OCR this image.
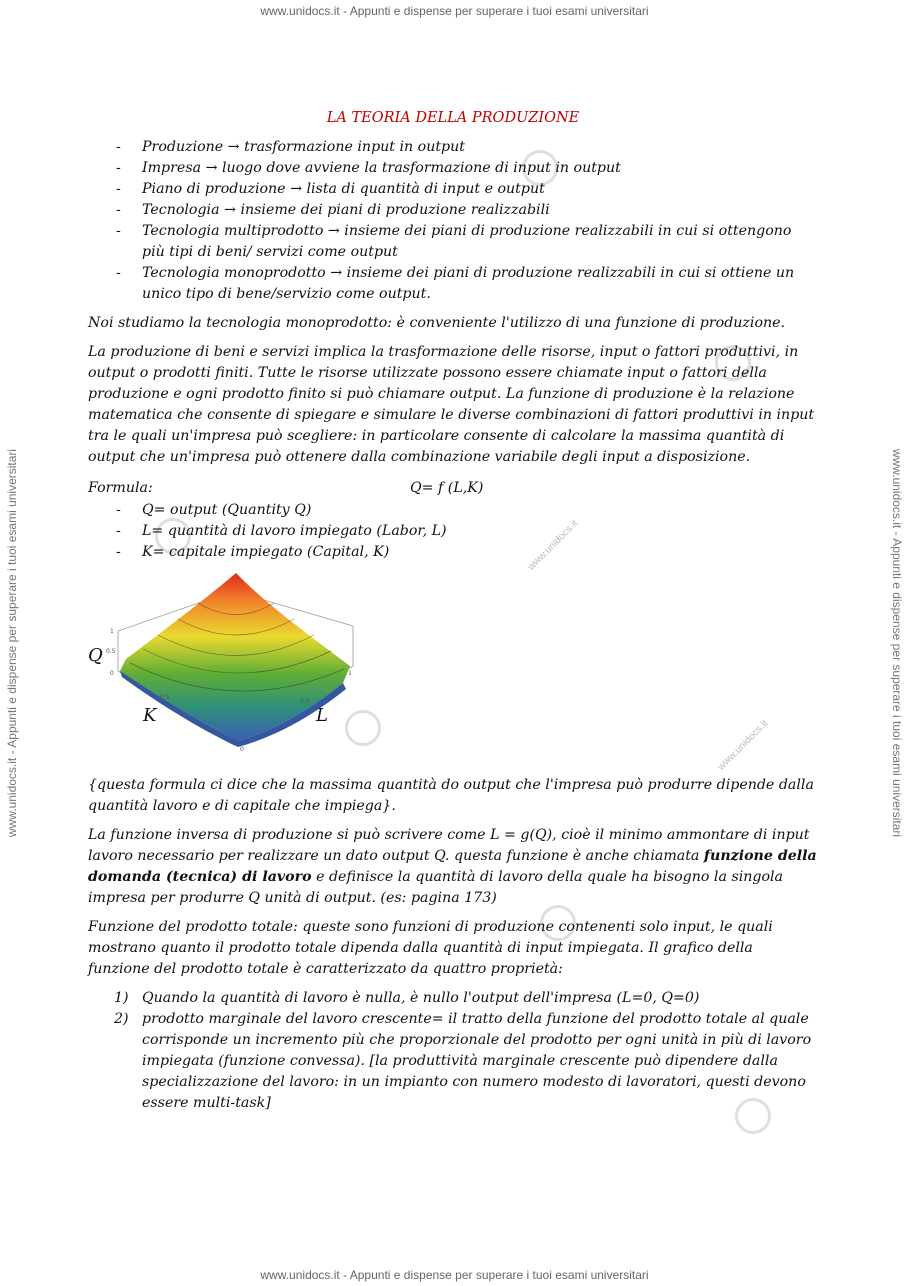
www.unidocs.it - Appunti e dispense per superare i tuoi esami universitari
www.unidocs.it - Appunti e dispense per superare i tuoi esami universitari
www.unidocs.it - Appunti e dispense per superare i tuoi esami universitari	www.unidocs.it - Appunti e dispense per superare i tuoi esami universitari
www.unidocs.it
www.unidocs.it
LA TEORIA DELLA PRODUZIONE
- Produzione → trasformazione input in output
- Impresa → luogo dove avviene la trasformazione di input in output
- Piano di produzione → lista di quantità di input e output
- Tecnologia → insieme dei piani di produzione realizzabili
- Tecnologia multiprodotto → insieme dei piani di produzione realizzabili in cui si ottengono più tipi di beni/ servizi come output
- Tecnologia monoprodotto → insieme dei piani di produzione realizzabili in cui si ottiene un unico tipo di bene/servizio come output.

Noi studiamo la tecnologia monoprodotto: è conveniente l'utilizzo di una funzione di produzione.

La produzione di beni e servizi implica la trasformazione delle risorse, input o fattori produttivi, in output o prodotti finiti. Tutte le risorse utilizzate possono essere chiamate input o fattori della produzione e ogni prodotto finito si può chiamare output. La funzione di produzione è la relazione matematica che consente di spiegare e simulare le diverse combinazioni di fattori produttivi in input tra le quali un'impresa può scegliere: in particolare consente di calcolare la massima quantità di output che un'impresa può ottenere dalla combinazione variabile degli input a disposizione.

Formula:	Q= f (L,K)
- Q= output (Quantity Q)
- L= quantità di lavoro impiegato (Labor, L)
- K= capitale impiegato (Capital, K)
Q
K	L
1
0.5
0
0.5
1
0
0.5
1

{questa formula ci dice che la massima quantità do output che l'impresa può produrre dipende dalla quantità lavoro e di capitale che impiega}.

La funzione inversa di produzione si può scrivere come L = g(Q), cioè il minimo ammontare di input lavoro necessario per realizzare un dato output Q. questa funzione è anche chiamata funzione della domanda (tecnica) di lavoro e definisce la quantità di lavoro della quale ha bisogno la singola impresa per produrre Q unità di output. (es: pagina 173)

Funzione del prodotto totale: queste sono funzioni di produzione contenenti solo input, le quali mostrano quanto il prodotto totale dipenda dalla quantità di input impiegata. Il grafico della funzione del prodotto totale è caratterizzato da quattro proprietà:

1) Quando la quantità di lavoro è nulla, è nullo l'output dell'impresa (L=0, Q=0)
2) prodotto marginale del lavoro crescente= il tratto della funzione del prodotto totale al quale corrisponde un incremento più che proporzionale del prodotto per ogni unità in più di lavoro impiegata (funzione convessa). [la produttività marginale crescente può dipendere dalla specializzazione del lavoro: in un impianto con numero modesto di lavoratori, questi devono essere multi-task]
